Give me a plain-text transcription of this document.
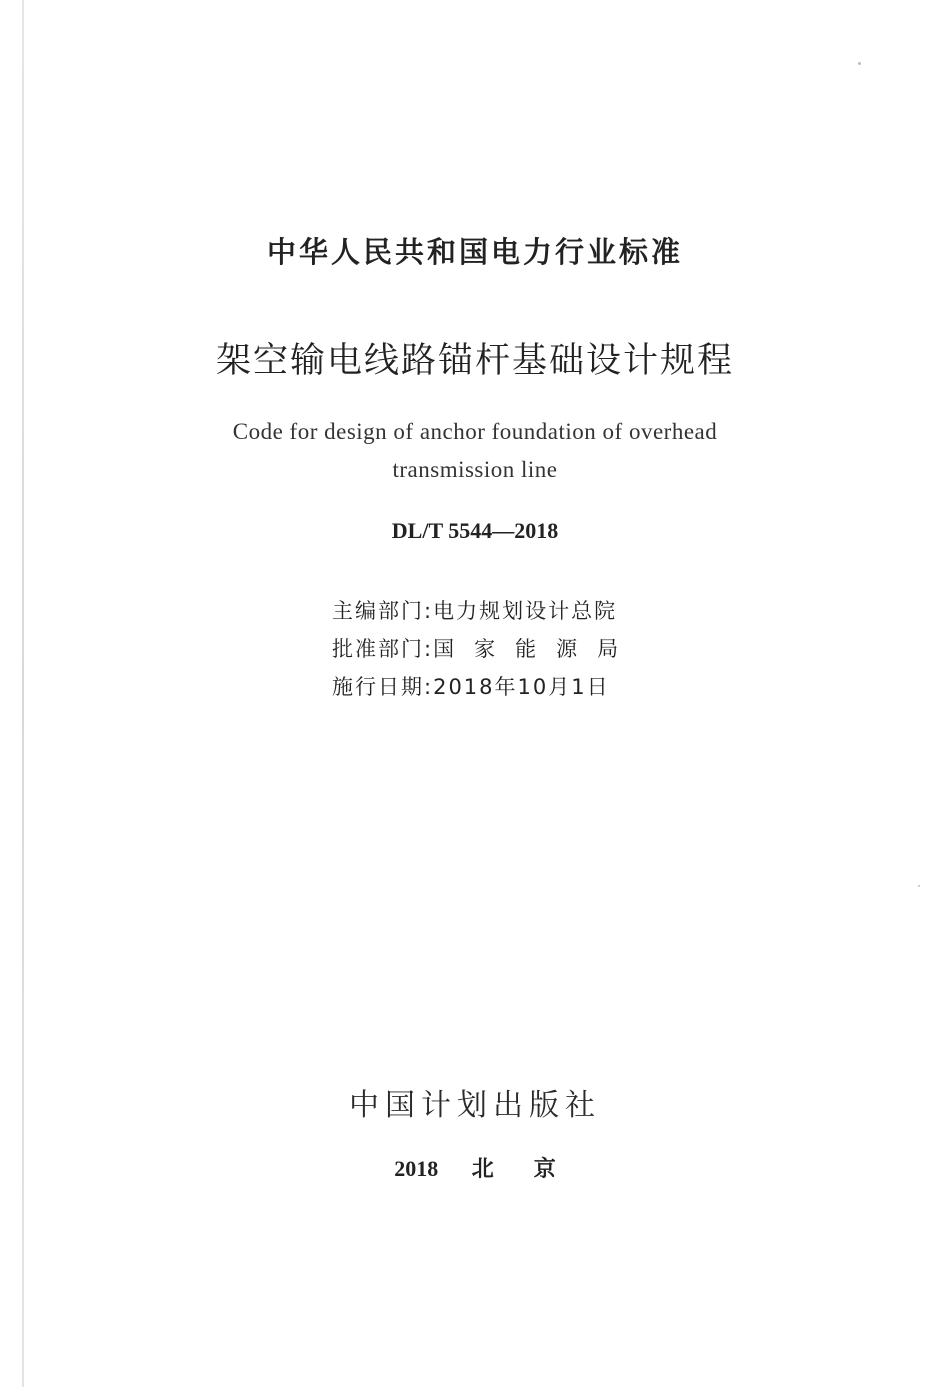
中华人民共和国电力行业标准
架空输电线路锚杆基础设计规程
Code for design of anchor foundation of overhead
transmission line
DL/T 5544—2018
主编部门: 电力规划设计总院
批准部门: 国家能源局
施行日期: 2018年10月1日
中国计划出版社
2018 北京
